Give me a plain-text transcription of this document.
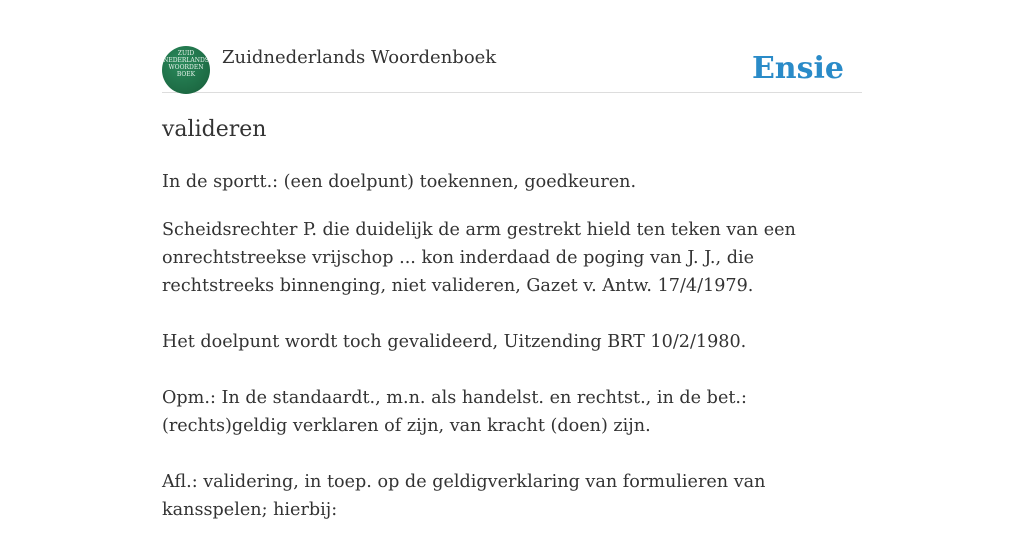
ZUID
NEDERLANDS
WOORDEN
BOEK
Zuidnederlands Woordenboek	Ensie
valideren

In de sportt.: (een doelpunt) toekennen, goedkeuren.

Scheidsrechter P. die duidelijk de arm gestrekt hield ten teken van een onrechtstreekse vrijschop ... kon inderdaad de poging van J. J., die rechtstreeks binnenging, niet valideren, Gazet v. Antw. 17/4/1979.

Het doelpunt wordt toch gevalideerd, Uitzending BRT 10/2/1980.

Opm.: In de standaardt., m.n. als handelst. en rechtst., in de bet.: (rechts)geldig verklaren of zijn, van kracht (doen) zijn.

Afl.: validering, in toep. op de geldigverklaring van formulieren van kansspelen; hierbij:
